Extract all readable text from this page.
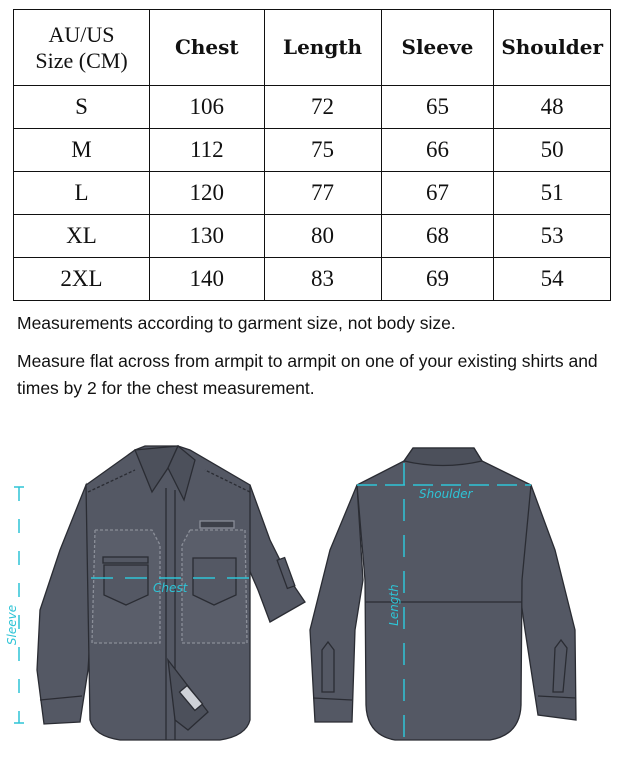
AU/US
Size (CM)	Chest	Length	Sleeve	Shoulder
S	106	72	65	48
M	112	75	66	50
L	120	77	67	51
XL	130	80	68	53
2XL	140	83	69	54
Measurements according to garment size, not body size.
Measure flat across from armpit to armpit on one of your existing shirts and times by 2 for the chest measurement.
Sleeve
Chest
Shoulder
Length
